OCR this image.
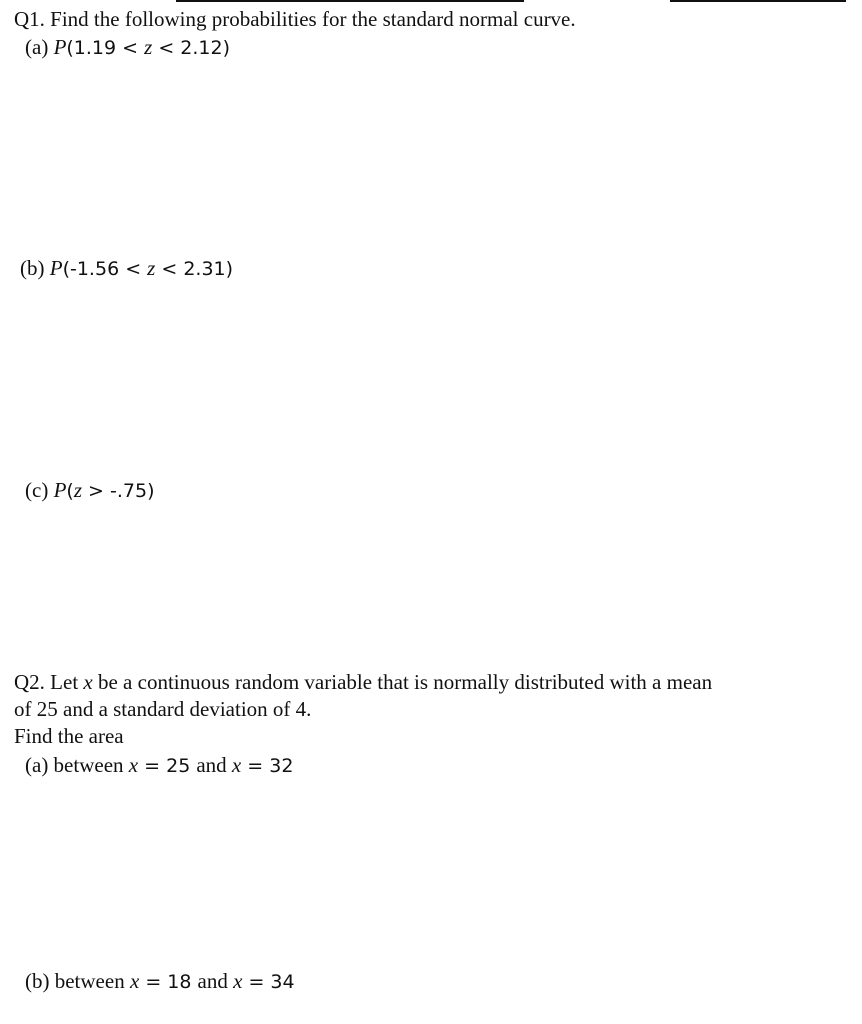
Q1. Find the following probabilities for the standard normal curve.
(a) P(1.19 < z < 2.12)
(b) P(-1.56 < z < 2.31)
(c) P(z > -.75)
Q2. Let x be a continuous random variable that is normally distributed with a mean
of 25 and a standard deviation of 4.
Find the area
(a) between x = 25 and x = 32
(b) between x = 18 and x = 34
